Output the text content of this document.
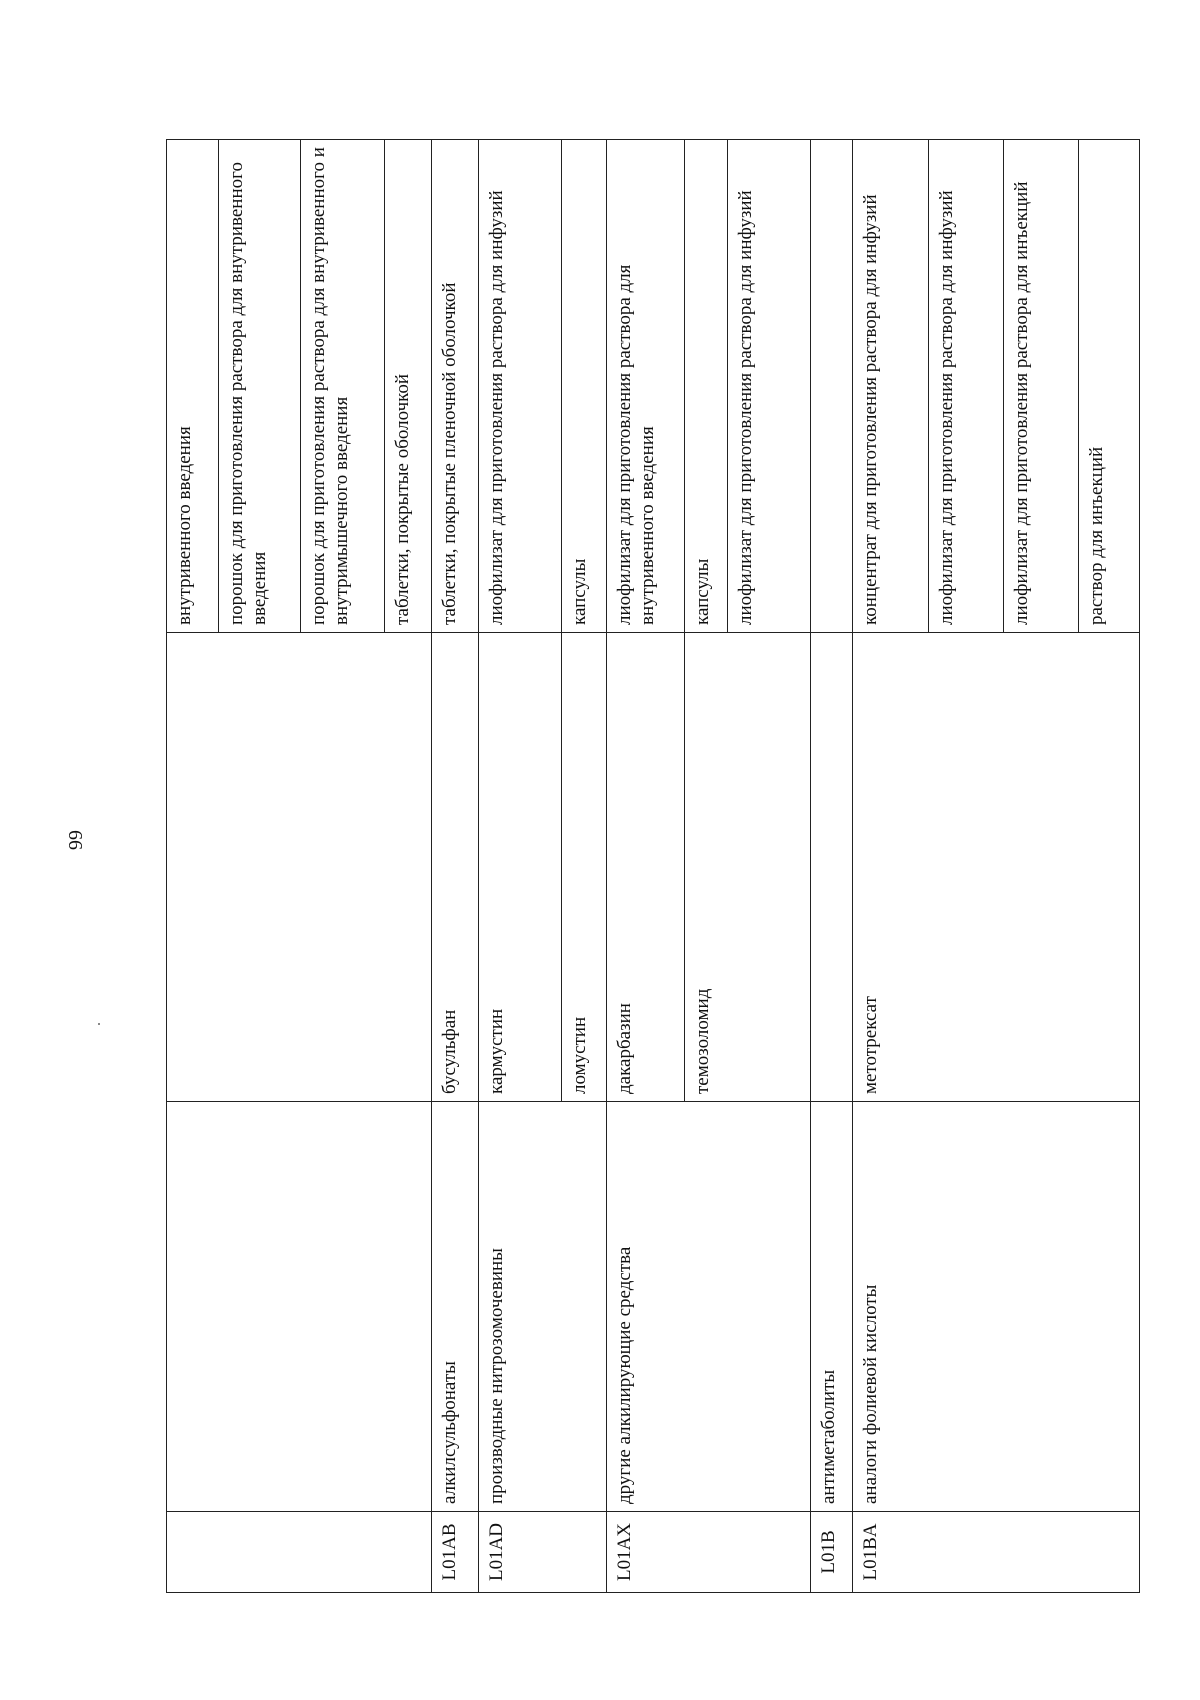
66
			внутривенного введения
			порошок для приготовления раствора для внутривенного введения
			порошок для приготовления раствора для внутривенного и внутримышечного введения
			таблетки, покрытые оболочкой
L01AB	алкилсульфонаты	бусульфан	таблетки, покрытые пленочной оболочкой
L01AD	производные нитрозомочевины	кармустин	лиофилизат для приготовления раствора для инфузий
		ломустин	капсулы
L01AX	другие алкилирующие средства	дакарбазин	лиофилизат для приготовления раствора для внутривенного введения
		темозоломид	капсулы
			лиофилизат для приготовления раствора для инфузий
L01B	антиметаболиты		
L01BA	аналоги фолиевой кислоты	метотрексат	концентрат для приготовления раствора для инфузий
			лиофилизат для приготовления раствора для инфузий
			лиофилизат для приготовления раствора для инъекций
			раствор для инъекций
